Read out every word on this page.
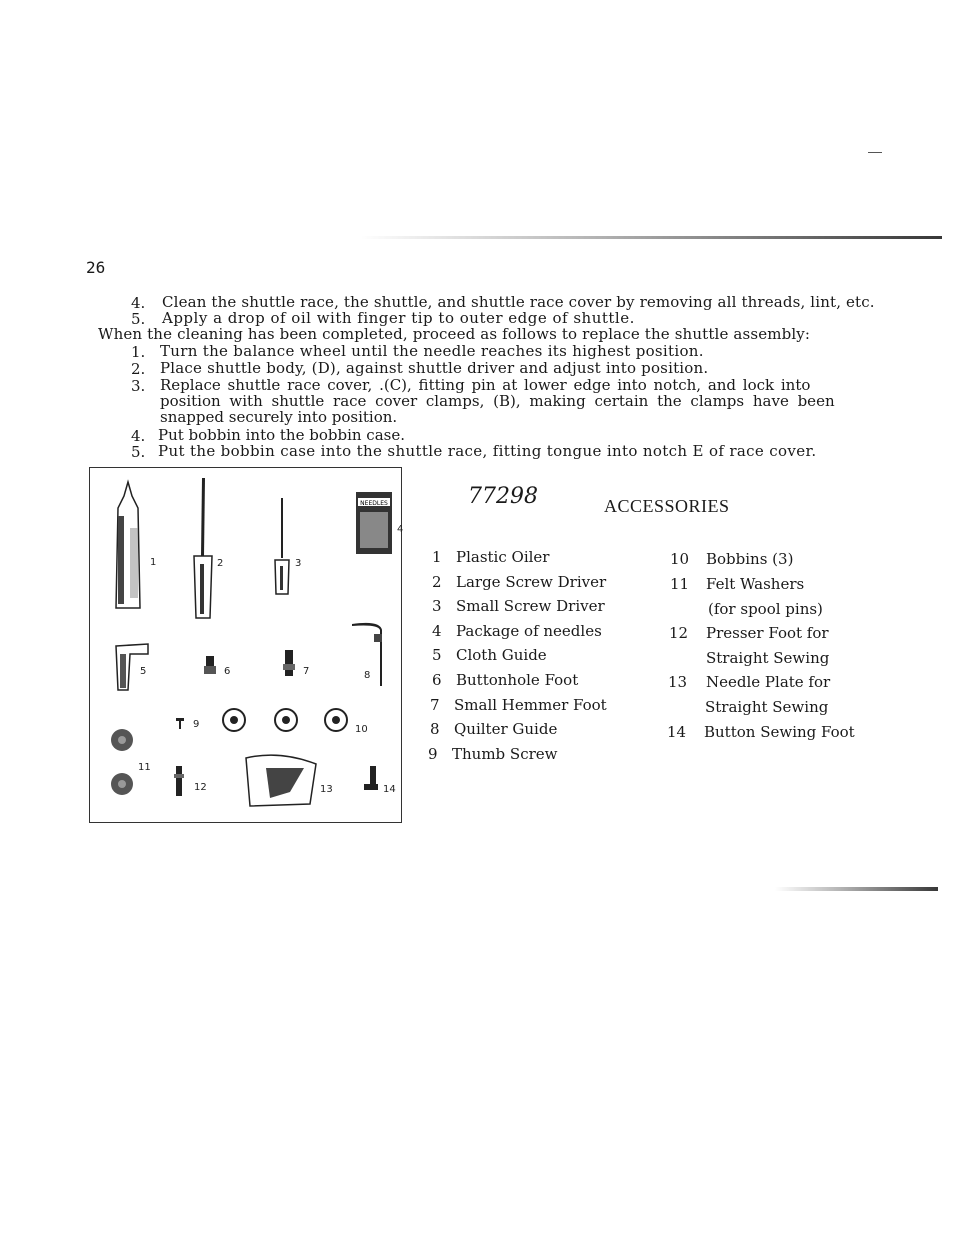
26
4. Clean the shuttle race, the shuttle, and shuttle race cover by removing all threads, lint, etc.
5. Apply a drop of oil with finger tip to outer edge of shuttle.
When the cleaning has been completed, proceed as follows to replace the shuttle assembly:
1. Turn the balance wheel until the needle reaches its highest position.
2. Place shuttle body, (D), against shuttle driver and adjust into position.
3. Replace shuttle race cover, .(C), fitting pin at lower edge into notch, and lock into
position with shuttle race cover clamps, (B), making certain the clamps have been
snapped securely into position.
4. Put bobbin into the bobbin case.
5. Put the bobbin case into the shuttle race, fitting tongue into notch E of race cover.
NEEDLES
1	2	3
4
5	6	7	8
9	10
11
12	13	14
77298	ACCESSORIES
1 Plastic Oiler
2 Large Screw Driver
3 Small Screw Driver
4 Package of needles
5 Cloth Guide
6 Buttonhole Foot
7 Small Hemmer Foot
8 Quilter Guide
9 Thumb Screw
10 Bobbins (3)
11 Felt Washers
(for spool pins)
12 Presser Foot for
Straight Sewing
13 Needle Plate for
Straight Sewing
14 Button Sewing Foot
